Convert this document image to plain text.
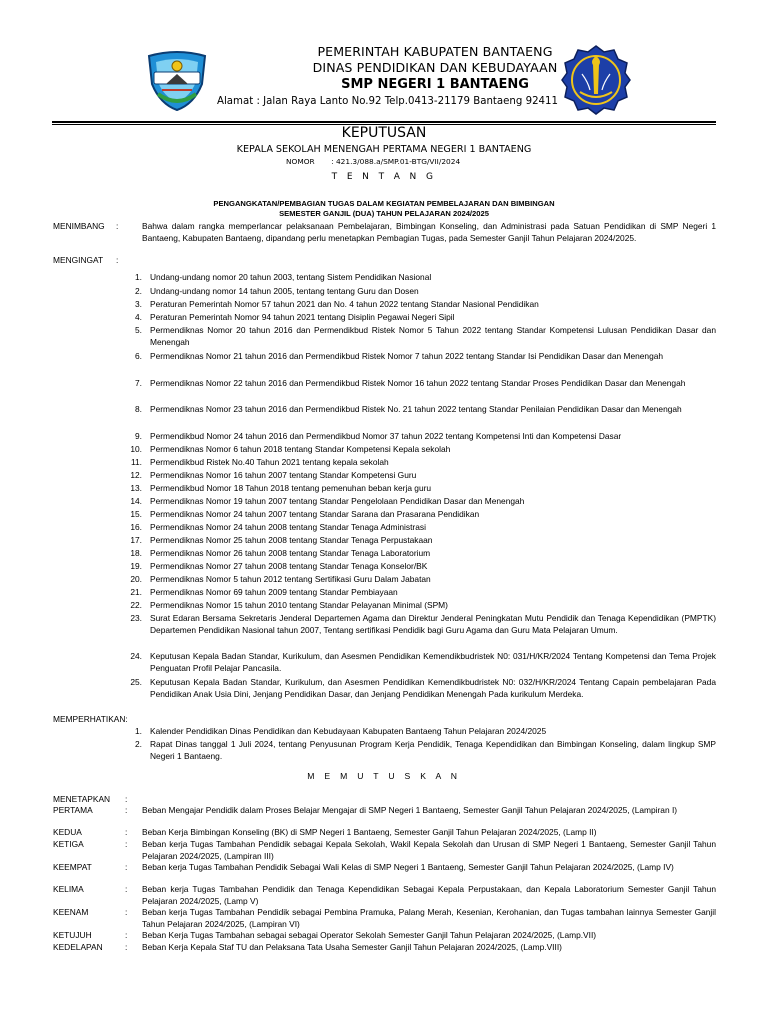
PEMERINTAH KABUPATEN BANTAENG
DINAS PENDIDIKAN DAN KEBUDAYAAN
SMP NEGERI 1 BANTAENG
Alamat : Jalan Raya Lanto No.92 Telp.0413-21179 Bantaeng 92411
KEPUTUSAN
KEPALA SEKOLAH MENENGAH PERTAMA NEGERI 1 BANTAENG
NOMOR : 421.3/088.a/SMP.01-BTG/VII/2024
T E N T A N G
PENGANGKATAN/PEMBAGIAN TUGAS DALAM KEGIATAN PEMBELAJARAN DAN BIMBINGAN
SEMESTER GANJIL (DUA) TAHUN PELAJARAN 2024/2025
MENIMBANG :	Bahwa dalam rangka memperlancar pelaksanaan Pembelajaran, Bimbingan Konseling, dan Administrasi pada Satuan Pendidikan di SMP Negeri 1 Bantaeng, Kabupaten Bantaeng, dipandang perlu menetapkan Pembagian Tugas, pada Semester Ganjil Tahun Pelajaran 2024/2025.
MENGINGAT :
1. Undang-undang nomor 20 tahun 2003, tentang Sistem Pendidikan Nasional
2. Undang-undang nomor 14 tahun 2005, tentang tentang Guru dan Dosen
3. Peraturan Pemerintah Nomor 57 tahun 2021 dan No. 4 tahun 2022 tentang Standar Nasional Pendidikan
4. Peraturan Pemerintah Nomor 94 tahun 2021 tentang Disiplin Pegawai Negeri Sipil
5. Permendiknas Nomor 20 tahun 2016 dan Permendikbud Ristek Nomor 5 Tahun 2022 tentang Standar Kompetensi Lulusan Pendidikan Dasar dan Menengah
6. Permendiknas Nomor 21 tahun 2016 dan Permendikbud Ristek Nomor 7 tahun 2022 tentang Standar Isi Pendidikan Dasar dan Menengah
7. Permendiknas Nomor 22 tahun 2016 dan Permendikbud Ristek Nomor 16 tahun 2022 tentang Standar Proses Pendidikan Dasar dan Menengah
8. Permendiknas Nomor 23 tahun 2016 dan Permendikbud Ristek No. 21 tahun 2022 tentang Standar Penilaian Pendidikan Dasar dan Menengah
9. Permendikbud Nomor 24 tahun 2016 dan Permendikbud Nomor 37 tahun 2022 tentang Kompetensi Inti dan Kompetensi Dasar
10. Permendiknas Nomor 6 tahun 2018 tentang Standar Kompetensi Kepala sekolah
11. Permendikbud Ristek No.40 Tahun 2021 tentang kepala sekolah
12. Permendiknas Nomor 16 tahun 2007 tentang Standar Kompetensi Guru
13. Permendikbud Nomor 18 Tahun 2018 tentang pemenuhan beban kerja guru
14. Permendiknas Nomor 19 tahun 2007 tentang Standar Pengelolaan Pendidikan Dasar dan Menengah
15. Permendiknas Nomor 24 tahun 2007 tentang Standar Sarana dan Prasarana Pendidikan
16. Permendiknas Nomor 24 tahun 2008 tentang Standar Tenaga Administrasi
17. Permendiknas Nomor 25 tahun 2008 tentang Standar Tenaga Perpustakaan
18. Permendiknas Nomor 26 tahun 2008 tentang Standar Tenaga Laboratorium
19. Permendiknas Nomor 27 tahun 2008 tentang Standar Tenaga Konselor/BK
20. Permendiknas Nomor 5 tahun 2012 tentang Sertifikasi Guru Dalam Jabatan
21. Permendiknas Nomor 69 tahun 2009 tentang Standar Pembiayaan
22. Permendiknas Nomor 15 tahun 2010 tentang Standar Pelayanan Minimal (SPM)
23. Surat Edaran Bersama Sekretaris Jenderal Departemen Agama dan Direktur Jenderal Peningkatan Mutu Pendidik dan Tenaga Kependidikan (PMPTK) Departemen Pendidikan Nasional tahun 2007, Tentang sertifikasi Pendidik bagi Guru Agama dan Guru Mata Pelajaran Umum.
24. Keputusan Kepala Badan Standar, Kurikulum, dan Asesmen Pendidikan Kemendikbudristek N0: 031/H/KR/2024 Tentang Kompetensi dan Tema Projek Penguatan Profil Pelajar Pancasila.
25. Keputusan Kepala Badan Standar, Kurikulum, dan Asesmen Pendidikan Kemendikbudristek N0: 032/H/KR/2024 Tentang Capain pembelajaran Pada Pendidikan Anak Usia Dini, Jenjang Pendidikan Dasar, dan Jenjang Pendidikan Menengah Pada kurikulum Merdeka.
MEMPERHATIKAN:
1. Kalender Pendidikan Dinas Pendidikan dan Kebudayaan Kabupaten Bantaeng Tahun Pelajaran 2024/2025
2. Rapat Dinas tanggal 1 Juli 2024, tentang Penyusunan Program Kerja Pendidik, Tenaga Kependidikan dan Bimbingan Konseling, dalam lingkup SMP Negeri 1 Bantaeng.
M E M U T U S K A N
MENETAPKAN :
PERTAMA	: Beban Mengajar Pendidik dalam Proses Belajar Mengajar di SMP Negeri 1 Bantaeng, Semester Ganjil Tahun Pelajaran 2024/2025, (Lampiran I)
KEDUA	: Beban Kerja Bimbingan Konseling (BK) di SMP Negeri 1 Bantaeng, Semester Ganjil Tahun Pelajaran 2024/2025, (Lamp II)
KETIGA	: Beban kerja Tugas Tambahan Pendidik sebagai Kepala Sekolah, Wakil Kepala Sekolah dan Urusan di SMP Negeri 1 Bantaeng, Semester Ganjil Tahun Pelajaran 2024/2025, (Lampiran III)
KEEMPAT	: Beban kerja Tugas Tambahan Pendidik Sebagai Wali Kelas di SMP Negeri 1 Bantaeng, Semester Ganjil Tahun Pelajaran 2024/2025, (Lamp IV)
KELIMA	: Beban kerja Tugas Tambahan Pendidik dan Tenaga Kependidikan Sebagai Kepala Perpustakaan, dan Kepala Laboratorium Semester Ganjil Tahun Pelajaran 2024/2025, (Lamp V)
KEENAM	: Beban kerja Tugas Tambahan Pendidik sebagai Pembina Pramuka, Palang Merah, Kesenian, Kerohanian, dan Tugas tambahan lainnya Semester Ganjil Tahun Pelajaran 2024/2025, (Lampiran VI)
KETUJUH	: Beban Kerja Tugas Tambahan sebagai sebagai Operator Sekolah Semester Ganjil Tahun Pelajaran 2024/2025, (Lamp.VII)
KEDELAPAN	: Beban Kerja Kepala Staf TU dan Pelaksana Tata Usaha Semester Ganjil Tahun Pelajaran 2024/2025, (Lamp.VIII)
